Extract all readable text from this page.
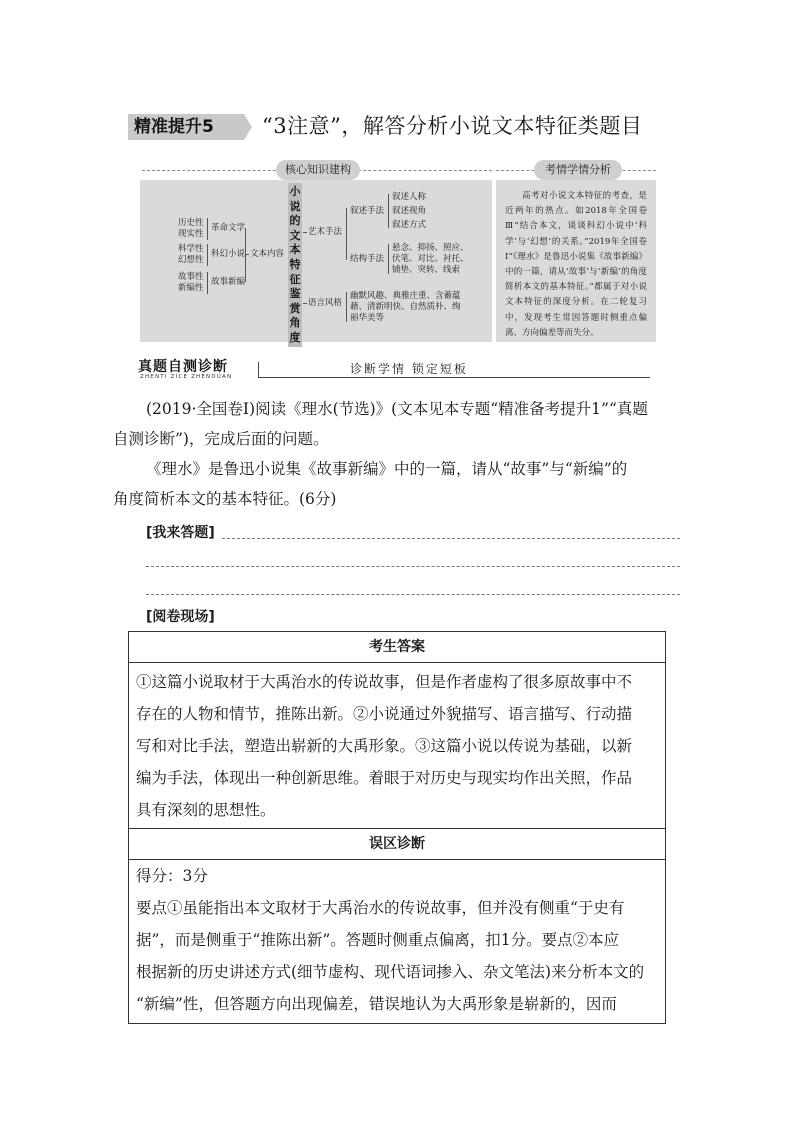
精准提升5	“3注意”，解答分析小说文本特征类题目
核心知识建构	考情学情分析
历史性
现实性
科学性
幻想性
故事性
新编性
革命文学
科幻小说
故事新编
文本内容
小说的文本特征鉴赏角度
艺术手法
叙述手法
叙述人称
叙述视角
叙述方式
结构手法
悬念、抑扬、照应、
伏笔、对比、衬托、
铺垫、突转、线索
语言风格
幽默风趣、典雅庄重、含蓄蕴
藉、清新明快、自然质朴、绚
丽华美等
高考对小说文本特征的考查，是近两年的热点。如2018年全国卷Ⅲ“结合本文，谈谈科幻小说中‘科学’与‘幻想’的关系。”2019年全国卷Ⅰ“《理水》是鲁迅小说集《故事新编》中的一篇，请从‘故事’与‘新编’的角度简析本文的基本特征。”都属于对小说文本特征的深度分析。在二轮复习中，发现考生常因答题时侧重点偏离、方向偏差等而失分。
真题自测诊断
ZHENTI ZICE ZHENDUAN
诊断学情 锁定短板
(2019·全国卷Ⅰ)阅读《理水(节选)》(文本见本专题“精准备考提升1”“真题
自测诊断”)，完成后面的问题。
《理水》是鲁迅小说集《故事新编》中的一篇，请从“故事”与“新编”的
角度简析本文的基本特征。(6分)
[我来答题]
[阅卷现场]
考生答案
①这篇小说取材于大禹治水的传说故事，但是作者虚构了很多原故事中不
存在的人物和情节，推陈出新。②小说通过外貌描写、语言描写、行动描
写和对比手法，塑造出崭新的大禹形象。③这篇小说以传说为基础，以新
编为手法，体现出一种创新思维。着眼于对历史与现实均作出关照，作品
具有深刻的思想性。
误区诊断
得分：3分
要点①虽能指出本文取材于大禹治水的传说故事，但并没有侧重“于史有
据”，而是侧重于“推陈出新”。答题时侧重点偏离，扣1分。要点②本应
根据新的历史讲述方式(细节虚构、现代语词掺入、杂文笔法)来分析本文的
“新编”性，但答题方向出现偏差，错误地认为大禹形象是崭新的，因而
